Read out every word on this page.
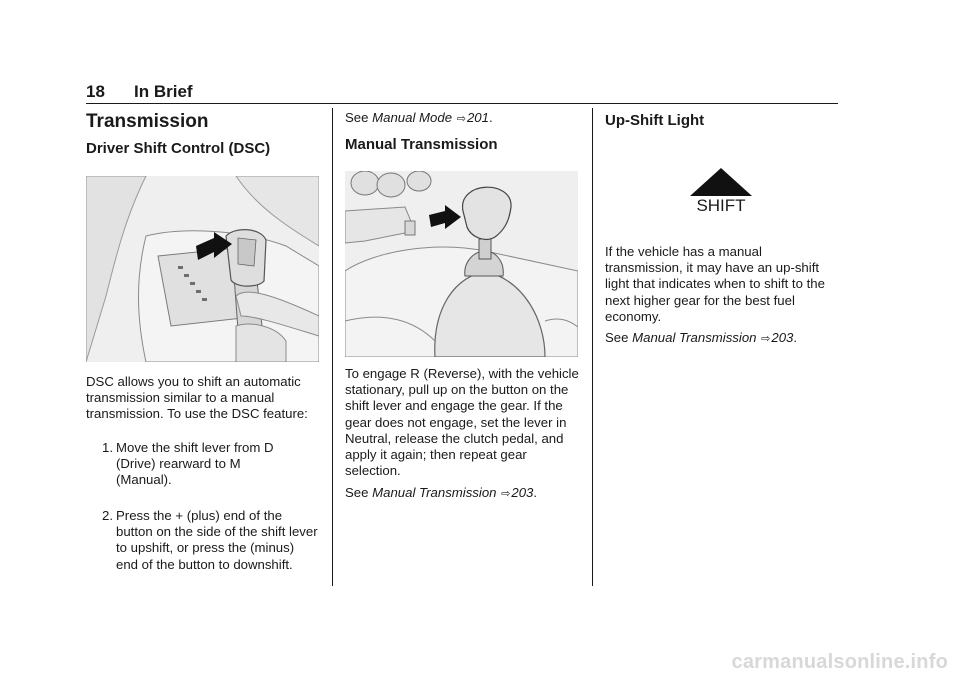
18 In Brief
Transmission
Driver Shift Control (DSC)

DSC allows you to shift an automatic transmission similar to a manual transmission. To use the DSC feature:

1. Move the shift lever from D (Drive) rearward to M (Manual).
2. Press the + (plus) end of the button on the side of the shift lever to upshift, or press the (minus) end of the button to downshift.

See Manual Mode ⇨201.

Manual Transmission

To engage R (Reverse), with the vehicle stationary, pull up on the button on the shift lever and engage the gear. If the gear does not engage, set the lever in Neutral, release the clutch pedal, and apply it again; then repeat gear selection.

See Manual Transmission ⇨203.

Up-Shift Light
SHIFT

If the vehicle has a manual transmission, it may have an up-shift light that indicates when to shift to the next higher gear for the best fuel economy.

See Manual Transmission ⇨203.

carmanualsonline.info
